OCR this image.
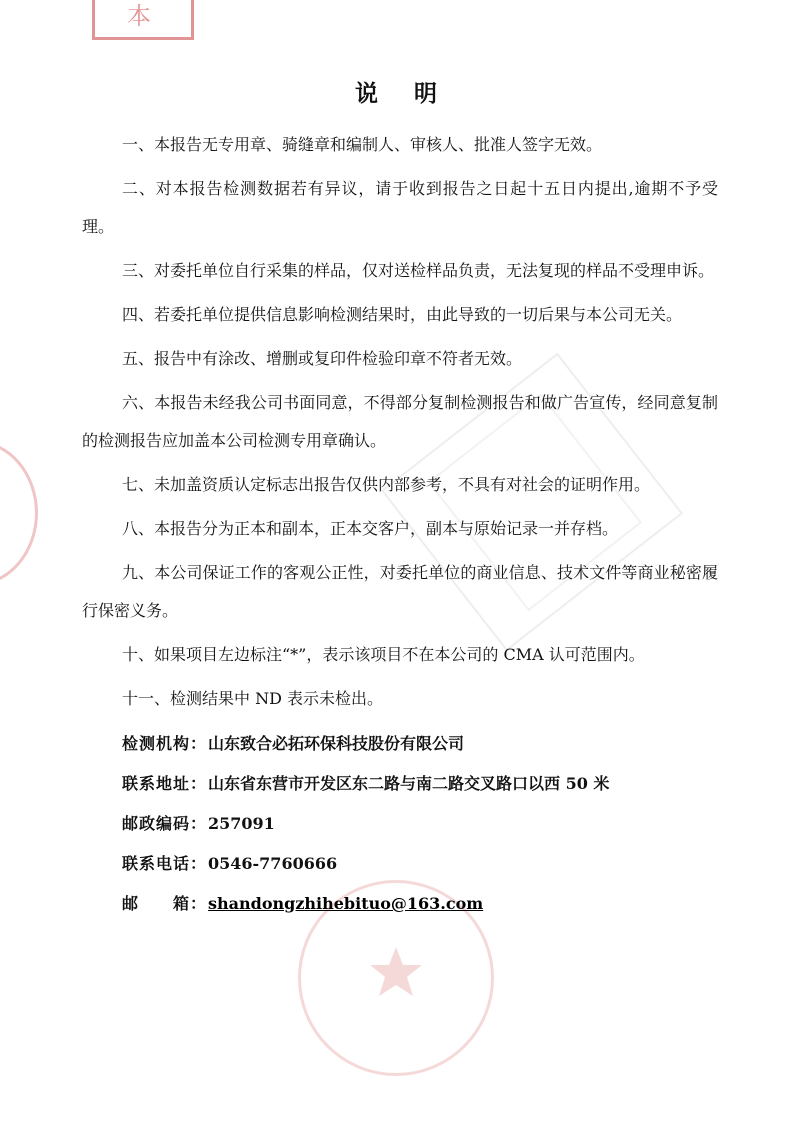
本
说明

一、本报告无专用章、骑缝章和编制人、审核人、批准人签字无效。

二、对本报告检测数据若有异议，请于收到报告之日起十五日内提出,逾期不予受理。

三、对委托单位自行采集的样品，仅对送检样品负责，无法复现的样品不受理申诉。

四、若委托单位提供信息影响检测结果时，由此导致的一切后果与本公司无关。

五、报告中有涂改、增删或复印件检验印章不符者无效。

六、本报告未经我公司书面同意，不得部分复制检测报告和做广告宣传，经同意复制的检测报告应加盖本公司检测专用章确认。

七、未加盖资质认定标志出报告仅供内部参考，不具有对社会的证明作用。

八、本报告分为正本和副本，正本交客户，副本与原始记录一并存档。

九、本公司保证工作的客观公正性，对委托单位的商业信息、技术文件等商业秘密履行保密义务。

十、如果项目左边标注“*”，表示该项目不在本公司的 CMA 认可范围内。

十一、检测结果中 ND 表示未检出。

检测机构：山东致合必拓环保科技股份有限公司
联系地址：山东省东营市开发区东二路与南二路交叉路口以西 50 米
邮政编码：257091
联系电话：0546-7760666
邮　　箱：shandongzhihebituo@163.com
